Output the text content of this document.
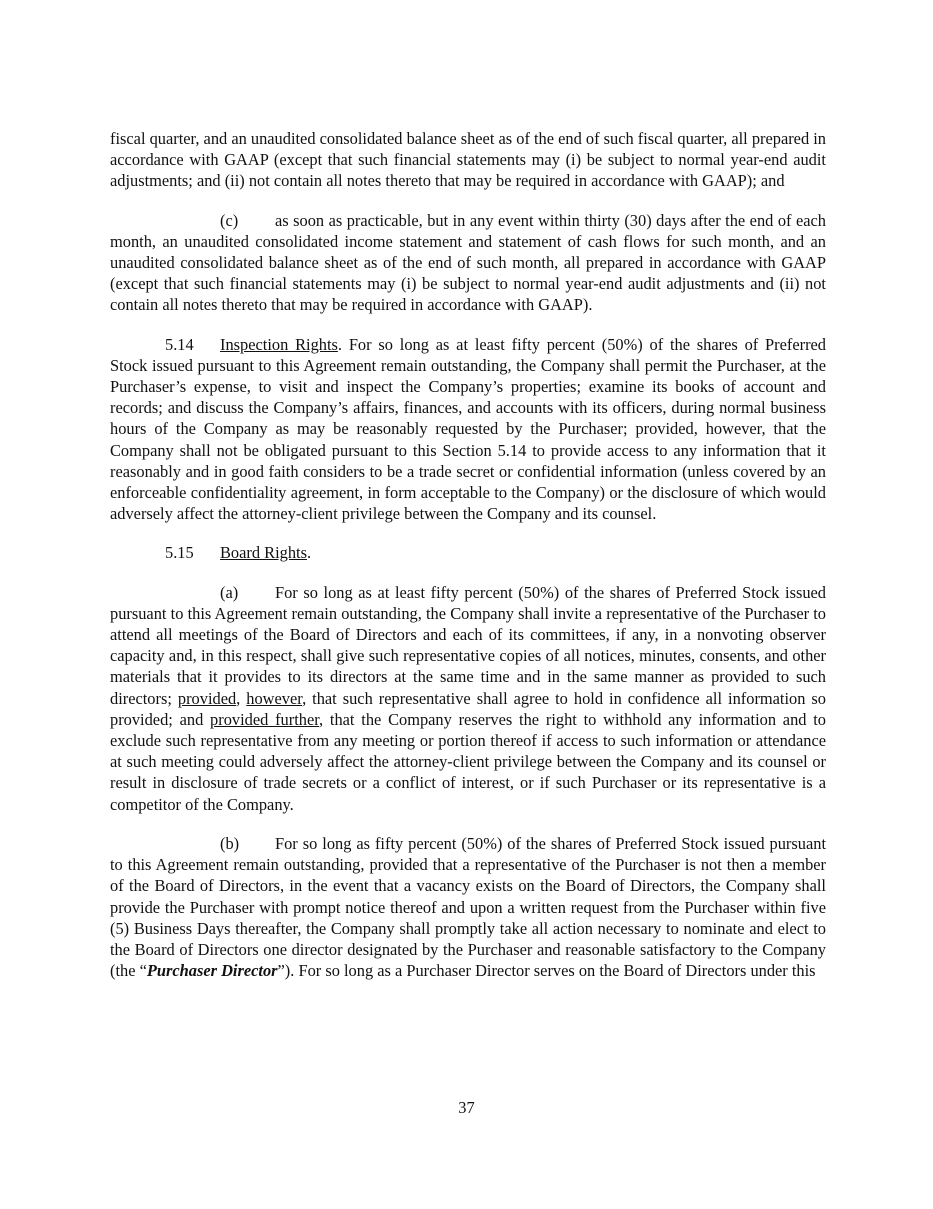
fiscal quarter, and an unaudited consolidated balance sheet as of the end of such fiscal quarter, all prepared in accordance with GAAP (except that such financial statements may (i) be subject to normal year-end audit adjustments; and (ii) not contain all notes thereto that may be required in accordance with GAAP); and

(c) as soon as practicable, but in any event within thirty (30) days after the end of each month, an unaudited consolidated income statement and statement of cash flows for such month, and an unaudited consolidated balance sheet as of the end of such month, all prepared in accordance with GAAP (except that such financial statements may (i) be subject to normal year-end audit adjustments and (ii) not contain all notes thereto that may be required in accordance with GAAP).

5.14 Inspection Rights. For so long as at least fifty percent (50%) of the shares of Preferred Stock issued pursuant to this Agreement remain outstanding, the Company shall permit the Purchaser, at the Purchaser’s expense, to visit and inspect the Company’s properties; examine its books of account and records; and discuss the Company’s affairs, finances, and accounts with its officers, during normal business hours of the Company as may be reasonably requested by the Purchaser; provided, however, that the Company shall not be obligated pursuant to this Section 5.14 to provide access to any information that it reasonably and in good faith considers to be a trade secret or confidential information (unless covered by an enforceable confidentiality agreement, in form acceptable to the Company) or the disclosure of which would adversely affect the attorney-client privilege between the Company and its counsel.

5.15 Board Rights.

(a) For so long as at least fifty percent (50%) of the shares of Preferred Stock issued pursuant to this Agreement remain outstanding, the Company shall invite a representative of the Purchaser to attend all meetings of the Board of Directors and each of its committees, if any, in a nonvoting observer capacity and, in this respect, shall give such representative copies of all notices, minutes, consents, and other materials that it provides to its directors at the same time and in the same manner as provided to such directors; provided, however, that such representative shall agree to hold in confidence all information so provided; and provided further, that the Company reserves the right to withhold any information and to exclude such representative from any meeting or portion thereof if access to such information or attendance at such meeting could adversely affect the attorney-client privilege between the Company and its counsel or result in disclosure of trade secrets or a conflict of interest, or if such Purchaser or its representative is a competitor of the Company.

(b) For so long as fifty percent (50%) of the shares of Preferred Stock issued pursuant to this Agreement remain outstanding, provided that a representative of the Purchaser is not then a member of the Board of Directors, in the event that a vacancy exists on the Board of Directors, the Company shall provide the Purchaser with prompt notice thereof and upon a written request from the Purchaser within five (5) Business Days thereafter, the Company shall promptly take all action necessary to nominate and elect to the Board of Directors one director designated by the Purchaser and reasonable satisfactory to the Company (the “Purchaser Director”). For so long as a Purchaser Director serves on the Board of Directors under this

37
